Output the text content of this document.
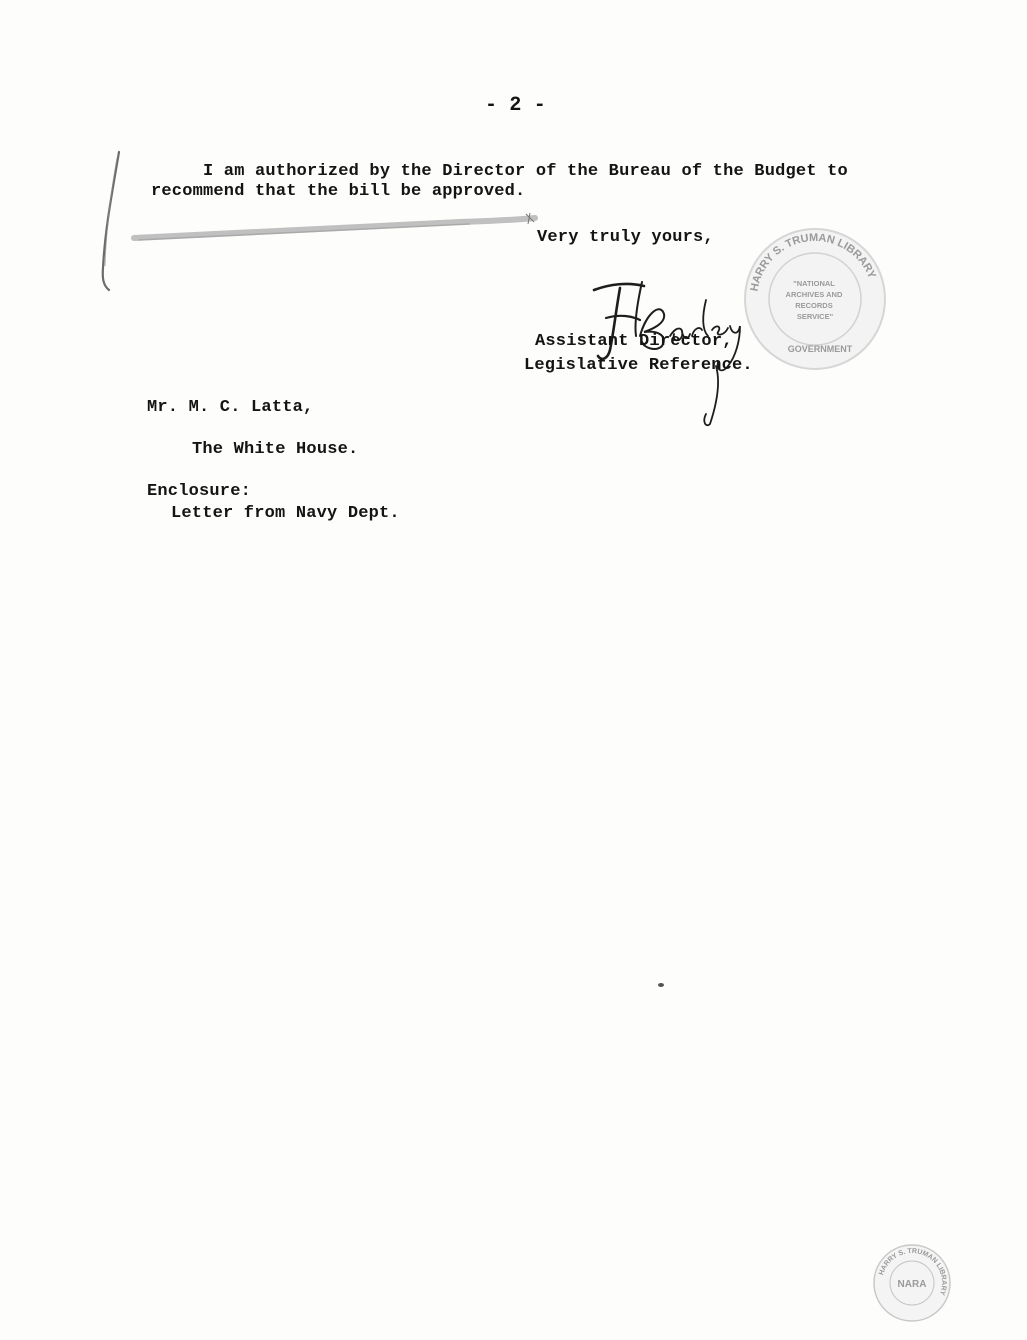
- 2 -
I am authorized by the Director of the Bureau of the Budget to
recommend that the bill be approved.
Very truly yours,
HARRY S. TRUMAN LIBRARY
"NATIONAL ARCHIVES AND RECORDS SERVICE"
GOVERNMENT
Assistant Director,
Legislative Reference.
Mr. M. C. Latta,
The White House.
Enclosure:
Letter from Navy Dept.
HARRY S. TRUMAN LIBRARY
NARA
